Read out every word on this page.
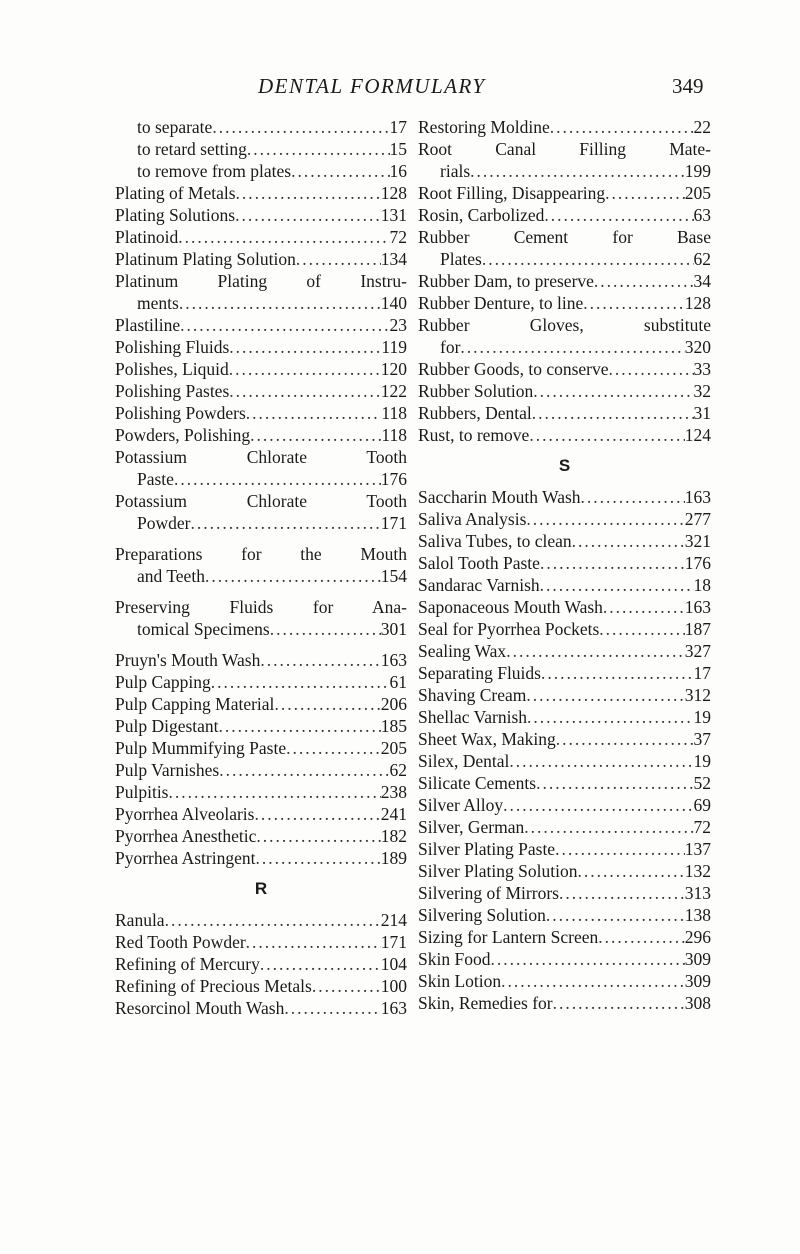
DENTAL FORMULARY	349
to separate .....	17
to retard setting .....	15
to remove from plates .....	16
Plating of Metals .....	128
Plating Solutions .....	131
Platinoid .....	72
Platinum Plating Solution .....	134
Platinum Plating of Instru-
ments .....	140
Plastiline .....	23
Polishing Fluids .....	119
Polishes, Liquid .....	120
Polishing Pastes .....	122
Polishing Powders .....	118
Powders, Polishing .....	118
Potassium Chlorate Tooth
Paste .....	176
Potassium Chlorate Tooth
Powder .....	171
Preparations for the Mouth
and Teeth .....	154
Preserving Fluids for Ana-
tomical Specimens .....	301
Pruyn's Mouth Wash .....	163
Pulp Capping .....	61
Pulp Capping Material .....	206
Pulp Digestant .....	185
Pulp Mummifying Paste .....	205
Pulp Varnishes .....	62
Pulpitis .....	238
Pyorrhea Alveolaris .....	241
Pyorrhea Anesthetic .....	182
Pyorrhea Astringent .....	189
R
Ranula .....	214
Red Tooth Powder .....	171
Refining of Mercury .....	104
Refining of Precious Metals .....	100
Resorcinol Mouth Wash .....	163
Restoring Moldine .....	22
Root Canal Filling Mate-
rials .....	199
Root Filling, Disappearing .....	205
Rosin, Carbolized .....	63
Rubber Cement for Base
Plates .....	62
Rubber Dam, to preserve .....	34
Rubber Denture, to line .....	128
Rubber Gloves, substitute
for .....	320
Rubber Goods, to conserve .....	33
Rubber Solution .....	32
Rubbers, Dental .....	31
Rust, to remove .....	124
S
Saccharin Mouth Wash .....	163
Saliva Analysis .....	277
Saliva Tubes, to clean .....	321
Salol Tooth Paste .....	176
Sandarac Varnish .....	18
Saponaceous Mouth Wash .....	163
Seal for Pyorrhea Pockets .....	187
Sealing Wax .....	327
Separating Fluids .....	17
Shaving Cream .....	312
Shellac Varnish .....	19
Sheet Wax, Making .....	37
Silex, Dental .....	19
Silicate Cements .....	52
Silver Alloy .....	69
Silver, German .....	72
Silver Plating Paste .....	137
Silver Plating Solution .....	132
Silvering of Mirrors .....	313
Silvering Solution .....	138
Sizing for Lantern Screen .....	296
Skin Food .....	309
Skin Lotion .....	309
Skin, Remedies for .....	308
